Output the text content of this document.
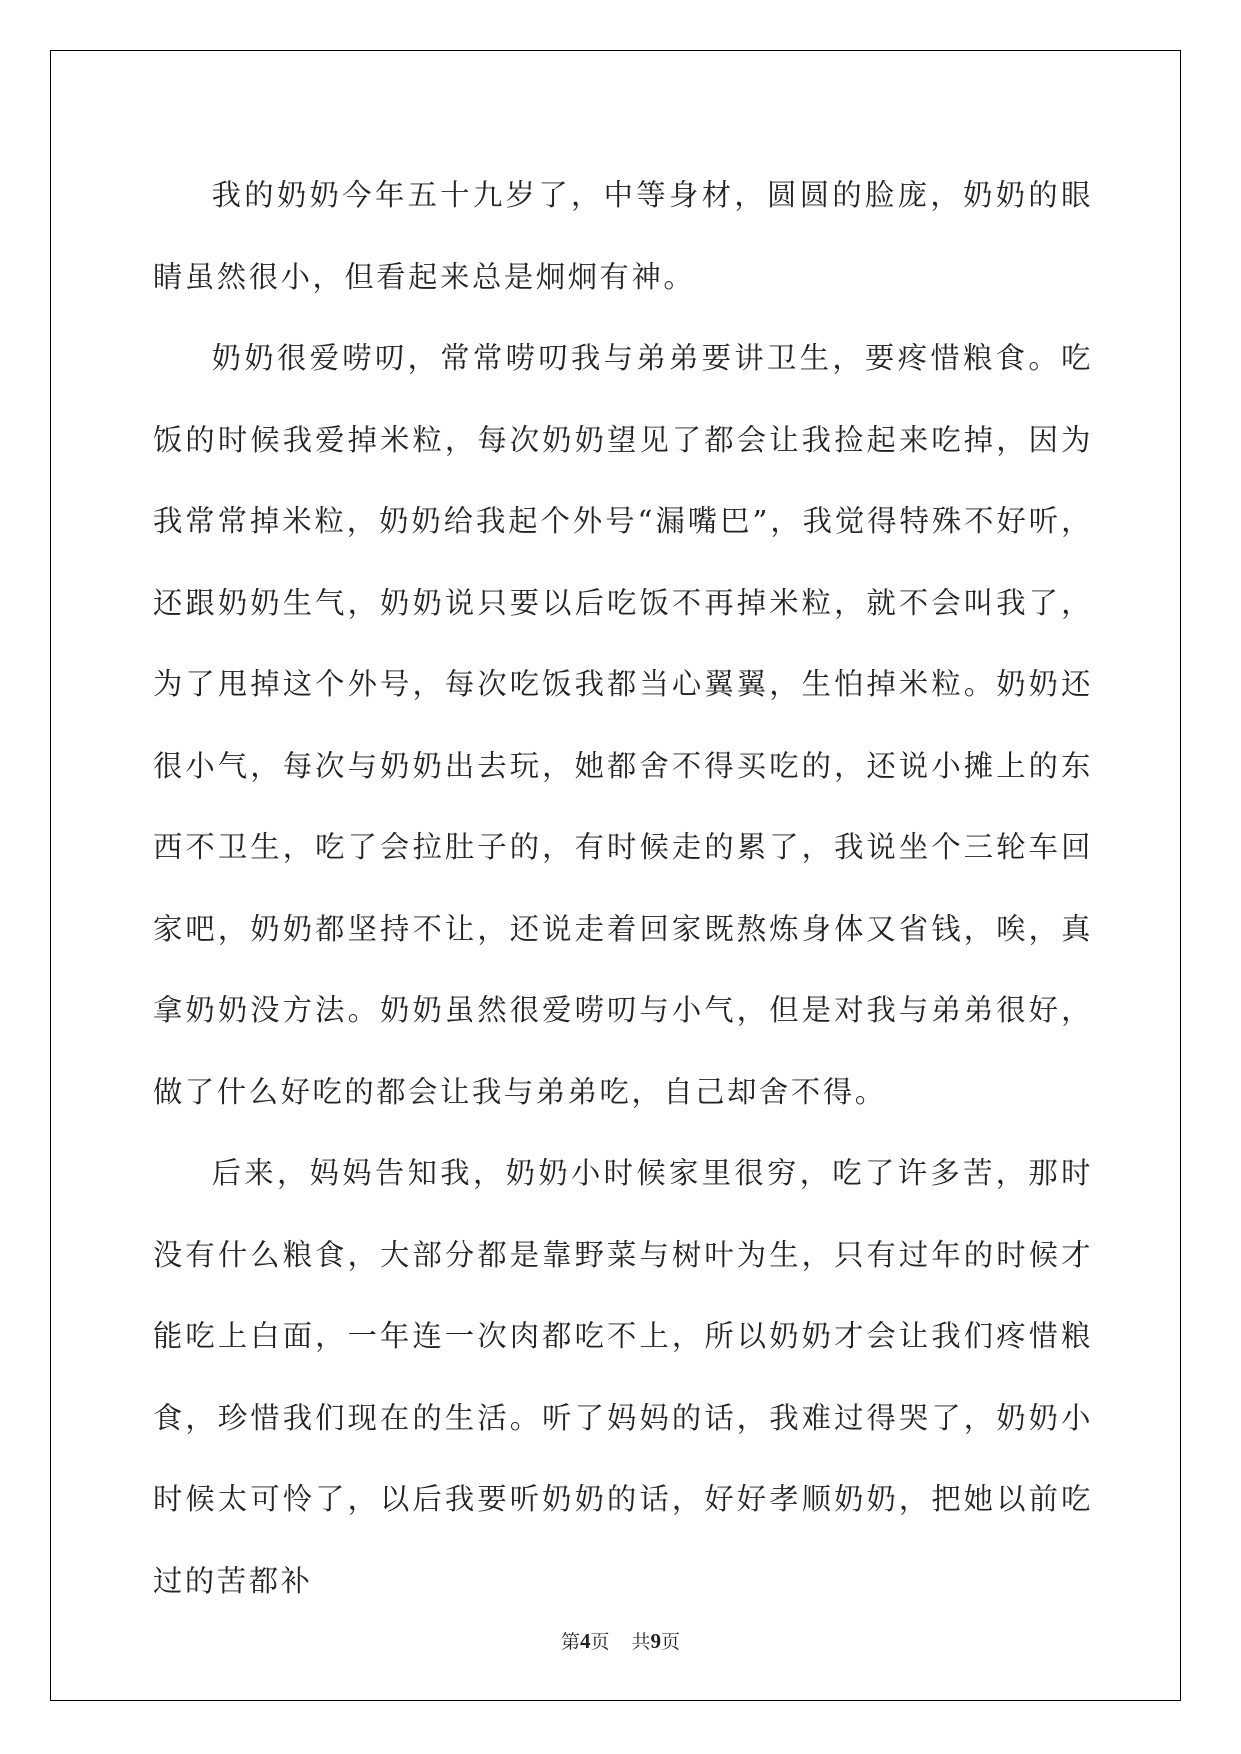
我的奶奶今年五十九岁了，中等身材，圆圆的脸庞，奶奶的眼睛虽然很小，但看起来总是炯炯有神。

奶奶很爱唠叨，常常唠叨我与弟弟要讲卫生，要疼惜粮食。吃饭的时候我爱掉米粒，每次奶奶望见了都会让我捡起来吃掉，因为我常常掉米粒，奶奶给我起个外号“漏嘴巴”，我觉得特殊不好听，还跟奶奶生气，奶奶说只要以后吃饭不再掉米粒，就不会叫我了，为了甩掉这个外号，每次吃饭我都当心翼翼，生怕掉米粒。奶奶还很小气，每次与奶奶出去玩，她都舍不得买吃的，还说小摊上的东西不卫生，吃了会拉肚子的，有时候走的累了，我说坐个三轮车回家吧，奶奶都坚持不让，还说走着回家既熬炼身体又省钱，唉，真拿奶奶没方法。奶奶虽然很爱唠叨与小气，但是对我与弟弟很好，做了什么好吃的都会让我与弟弟吃，自己却舍不得。

后来，妈妈告知我，奶奶小时候家里很穷，吃了许多苦，那时没有什么粮食，大部分都是靠野菜与树叶为生，只有过年的时候才能吃上白面，一年连一次肉都吃不上，所以奶奶才会让我们疼惜粮食，珍惜我们现在的生活。听了妈妈的话，我难过得哭了，奶奶小时候太可怜了，以后我要听奶奶的话，好好孝顺奶奶，把她以前吃过的苦都补

第4页 共9页
